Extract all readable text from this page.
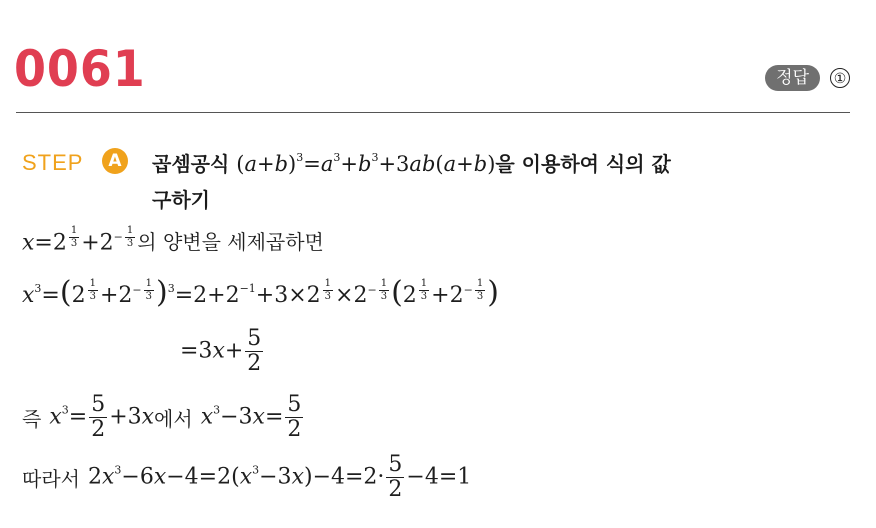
0061	정답	①
STEP	A	곱셈공식 $(a+b)^3=a^3+b^3+3ab(a+b)$을 이용하여 식의 값
구하기
x=2 $^{\frac{1}{3}} +2^{- \frac{1}{3}}$ 의 양변을 세제곱하면
$x^3=(2$ $^{\frac{1}{3}} +2^{- \frac{1}{3}}$ )$^3=2+2^{-1}+3\times 2$ $^{\frac{1}{3}} \times 2^{- \frac{1}{3}}$ (2 $^{\frac{1}{3}} +2^{- \frac{1}{3}}$ )
$=3x+ \frac{5}{2}$
즉 $x^3= \frac{5}{2} +3x$ 에서 $x^3-3x= \frac{5}{2}$
따라서 $2x^3-6x-4=2(x^3-3x)-4=2\cdot \frac{5}{2} -4=1$
